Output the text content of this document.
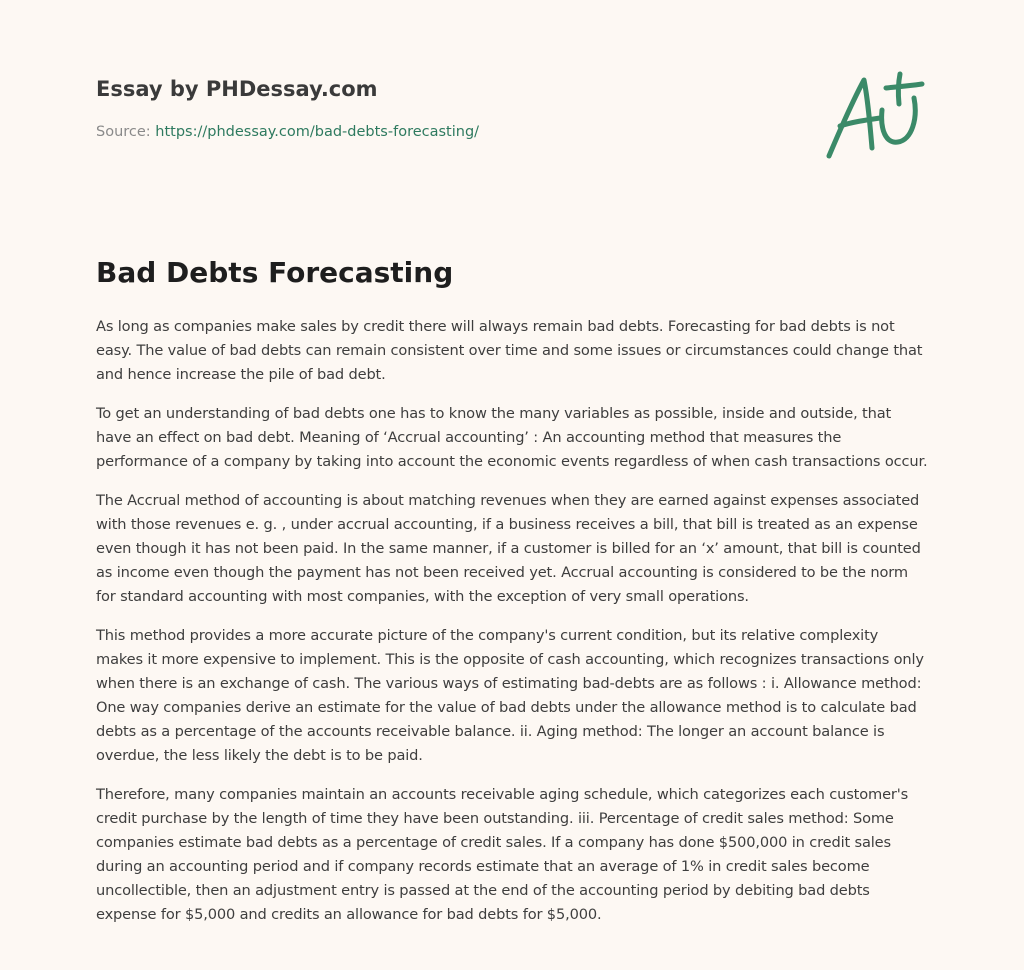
Essay by PHDessay.com
Source: https://phdessay.com/bad-debts-forecasting/
Bad Debts Forecasting

As long as companies make sales by credit there will always remain bad debts. Forecasting for bad debts is not easy. The value of bad debts can remain consistent over time and some issues or circumstances could change that and hence increase the pile of bad debt.

To get an understanding of bad debts one has to know the many variables as possible, inside and outside, that have an effect on bad debt. Meaning of ‘Accrual accounting’ : An accounting method that measures the performance of a company by taking into account the economic events regardless of when cash transactions occur.

The Accrual method of accounting is about matching revenues when they are earned against expenses associated with those revenues e. g. , under accrual accounting, if a business receives a bill, that bill is treated as an expense even though it has not been paid. In the same manner, if a customer is billed for an ‘x’ amount, that bill is counted as income even though the payment has not been received yet. Accrual accounting is considered to be the norm for standard accounting with most companies, with the exception of very small operations.

This method provides a more accurate picture of the company's current condition, but its relative complexity makes it more expensive to implement. This is the opposite of cash accounting, which recognizes transactions only when there is an exchange of cash. The various ways of estimating bad-debts are as follows : i. Allowance method: One way companies derive an estimate for the value of bad debts under the allowance method is to calculate bad debts as a percentage of the accounts receivable balance. ii. Aging method: The longer an account balance is overdue, the less likely the debt is to be paid.

Therefore, many companies maintain an accounts receivable aging schedule, which categorizes each customer's credit purchase by the length of time they have been outstanding. iii. Percentage of credit sales method: Some companies estimate bad debts as a percentage of credit sales. If a company has done $500,000 in credit sales during an accounting period and if company records estimate that an average of 1% in credit sales become uncollectible, then an adjustment entry is passed at the end of the accounting period by debiting bad debts expense for $5,000 and credits an allowance for bad debts for $5,000.
